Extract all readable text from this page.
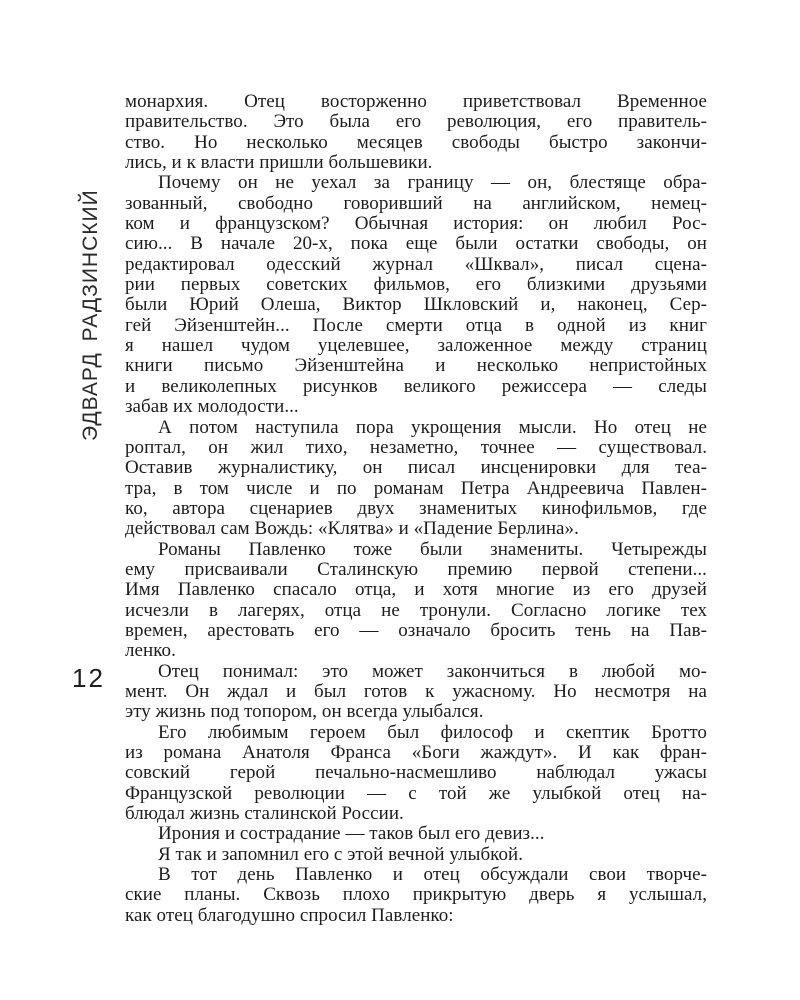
ЭДВАРД РАДЗИНСКИЙ
12
монархия. Отец восторженно приветствовал Временное
правительство. Это была его революция, его правитель-
ство. Но несколько месяцев свободы быстро закончи-
лись, и к власти пришли большевики.
Почему он не уехал за границу — он, блестяще обра-
зованный, свободно говоривший на английском, немец-
ком и французском? Обычная история: он любил Рос-
сию... В начале 20-х, пока еще были остатки свободы, он
редактировал одесский журнал «Шквал», писал сцена-
рии первых советских фильмов, его близкими друзьями
были Юрий Олеша, Виктор Шкловский и, наконец, Сер-
гей Эйзенштейн... После смерти отца в одной из книг
я нашел чудом уцелевшее, заложенное между страниц
книги письмо Эйзенштейна и несколько непристойных
и великолепных рисунков великого режиссера — следы
забав их молодости...
А потом наступила пора укрощения мысли. Но отец не
роптал, он жил тихо, незаметно, точнее — существовал.
Оставив журналистику, он писал инсценировки для теа-
тра, в том числе и по романам Петра Андреевича Павлен-
ко, автора сценариев двух знаменитых кинофильмов, где
действовал сам Вождь: «Клятва» и «Падение Берлина».
Романы Павленко тоже были знамениты. Четырежды
ему присваивали Сталинскую премию первой степени...
Имя Павленко спасало отца, и хотя многие из его друзей
исчезли в лагерях, отца не тронули. Согласно логике тех
времен, арестовать его — означало бросить тень на Пав-
ленко.
Отец понимал: это может закончиться в любой мо-
мент. Он ждал и был готов к ужасному. Но несмотря на
эту жизнь под топором, он всегда улыбался.
Его любимым героем был философ и скептик Бротто
из романа Анатоля Франса «Боги жаждут». И как фран-
совский герой печально-насмешливо наблюдал ужасы
Французской революции — с той же улыбкой отец на-
блюдал жизнь сталинской России.
Ирония и сострадание — таков был его девиз...
Я так и запомнил его с этой вечной улыбкой.
В тот день Павленко и отец обсуждали свои творче-
ские планы. Сквозь плохо прикрытую дверь я услышал,
как отец благодушно спросил Павленко:
